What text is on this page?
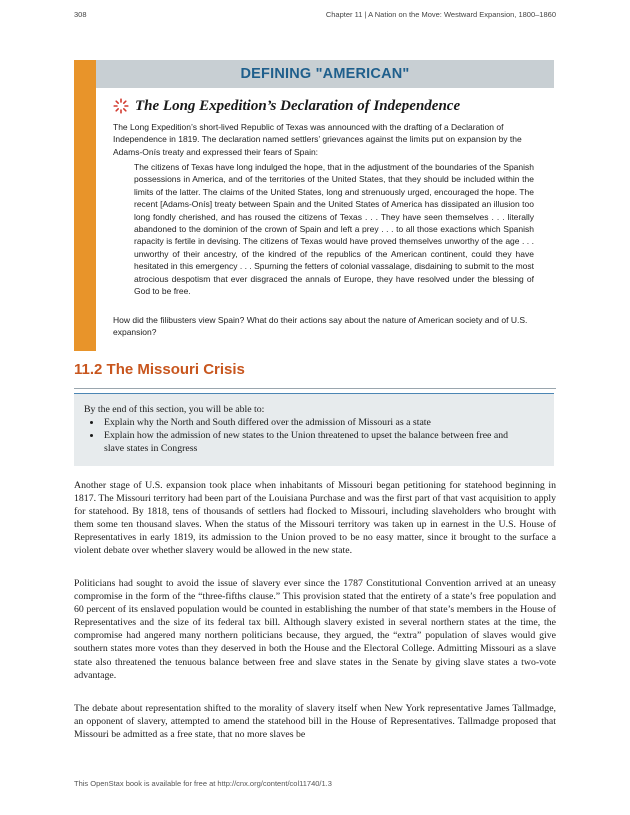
308	Chapter 11 | A Nation on the Move: Westward Expansion, 1800–1860
DEFINING "AMERICAN"
The Long Expedition’s Declaration of Independence
The Long Expedition’s short-lived Republic of Texas was announced with the drafting of a Declaration of Independence in 1819. The declaration named settlers’ grievances against the limits put on expansion by the Adams-Onís treaty and expressed their fears of Spain:
The citizens of Texas have long indulged the hope, that in the adjustment of the boundaries of the Spanish possessions in America, and of the territories of the United States, that they should be included within the limits of the latter. The claims of the United States, long and strenuously urged, encouraged the hope. The recent [Adams-Onís] treaty between Spain and the United States of America has dissipated an illusion too long fondly cherished, and has roused the citizens of Texas . . . They have seen themselves . . . literally abandoned to the dominion of the crown of Spain and left a prey . . . to all those exactions which Spanish rapacity is fertile in devising. The citizens of Texas would have proved themselves unworthy of the age . . . unworthy of their ancestry, of the kindred of the republics of the American continent, could they have hesitated in this emergency . . . Spurning the fetters of colonial vassalage, disdaining to submit to the most atrocious despotism that ever disgraced the annals of Europe, they have resolved under the blessing of God to be free.
How did the filibusters view Spain? What do their actions say about the nature of American society and of U.S. expansion?
11.2 The Missouri Crisis
By the end of this section, you will be able to:
• Explain why the North and South differed over the admission of Missouri as a state
• Explain how the admission of new states to the Union threatened to upset the balance between free and slave states in Congress

Another stage of U.S. expansion took place when inhabitants of Missouri began petitioning for statehood beginning in 1817. The Missouri territory had been part of the Louisiana Purchase and was the first part of that vast acquisition to apply for statehood. By 1818, tens of thousands of settlers had flocked to Missouri, including slaveholders who brought with them some ten thousand slaves. When the status of the Missouri territory was taken up in earnest in the U.S. House of Representatives in early 1819, its admission to the Union proved to be no easy matter, since it brought to the surface a violent debate over whether slavery would be allowed in the new state.

Politicians had sought to avoid the issue of slavery ever since the 1787 Constitutional Convention arrived at an uneasy compromise in the form of the “three-fifths clause.” This provision stated that the entirety of a state’s free population and 60 percent of its enslaved population would be counted in establishing the number of that state’s members in the House of Representatives and the size of its federal tax bill. Although slavery existed in several northern states at the time, the compromise had angered many northern politicians because, they argued, the “extra” population of slaves would give southern states more votes than they deserved in both the House and the Electoral College. Admitting Missouri as a slave state also threatened the tenuous balance between free and slave states in the Senate by giving slave states a two-vote advantage.

The debate about representation shifted to the morality of slavery itself when New York representative James Tallmadge, an opponent of slavery, attempted to amend the statehood bill in the House of Representatives. Tallmadge proposed that Missouri be admitted as a free state, that no more slaves be

This OpenStax book is available for free at http://cnx.org/content/col11740/1.3
